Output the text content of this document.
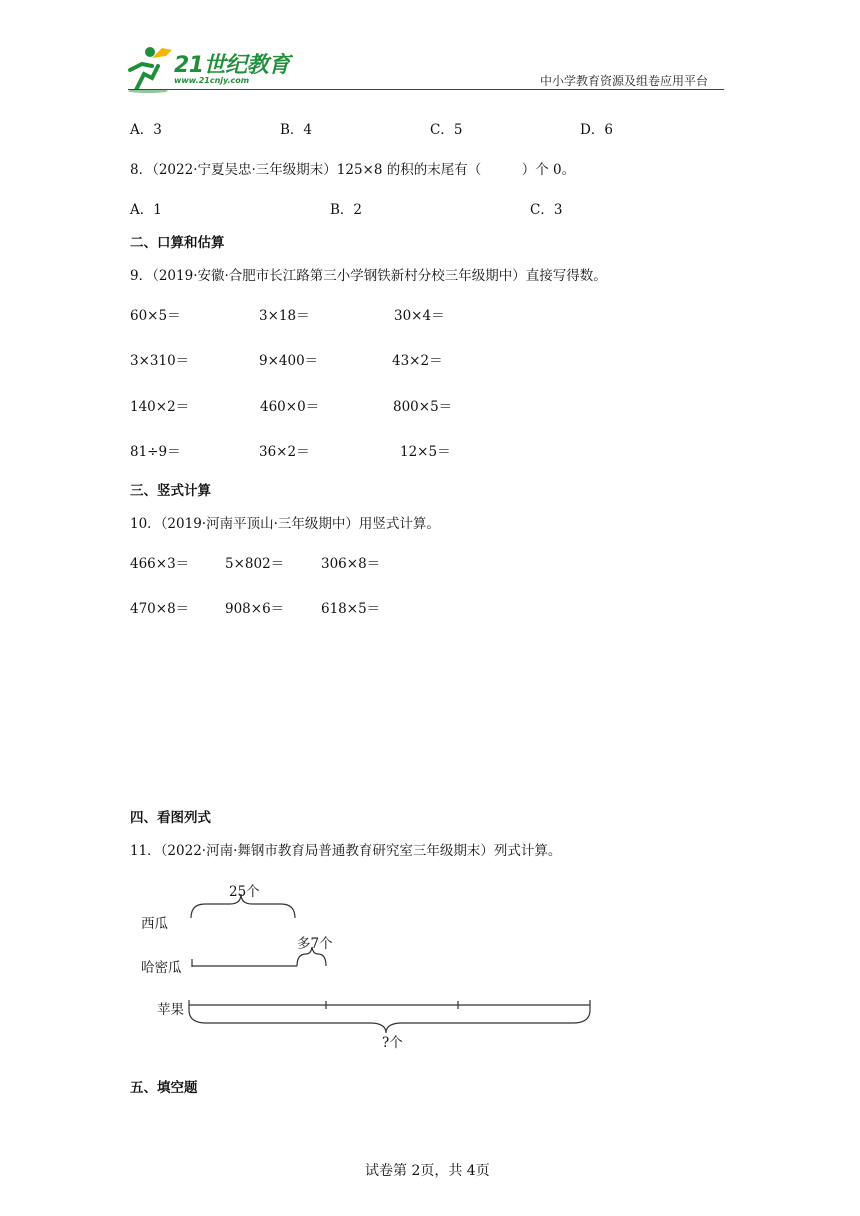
21世纪教育
www.21cnjy.com	中小学教育资源及组卷应用平台
A．3	B．4	C．5	D．6
8．（2022·宁夏吴忠·三年级期末）125×8 的积的末尾有（　　　）个 0。
A．1	B．2	C．3
二、口算和估算
9．（2019·安徽·合肥市长江路第三小学钢铁新村分校三年级期中）直接写得数。
60×5＝	3×18＝	30×4＝
3×310＝	9×400＝	43×2＝
140×2＝	460×0＝	800×5＝
81÷9＝	36×2＝	12×5＝
三、竖式计算
10．（2019·河南平顶山·三年级期中）用竖式计算。
466×3＝	5×802＝	306×8＝
470×8＝	908×6＝	618×5＝
四、看图列式
11．（2022·河南·舞钢市教育局普通教育研究室三年级期末）列式计算。
25个
西瓜
多7个
哈密瓜
苹果
?个
五、填空题
试卷第 2页，共 4页
